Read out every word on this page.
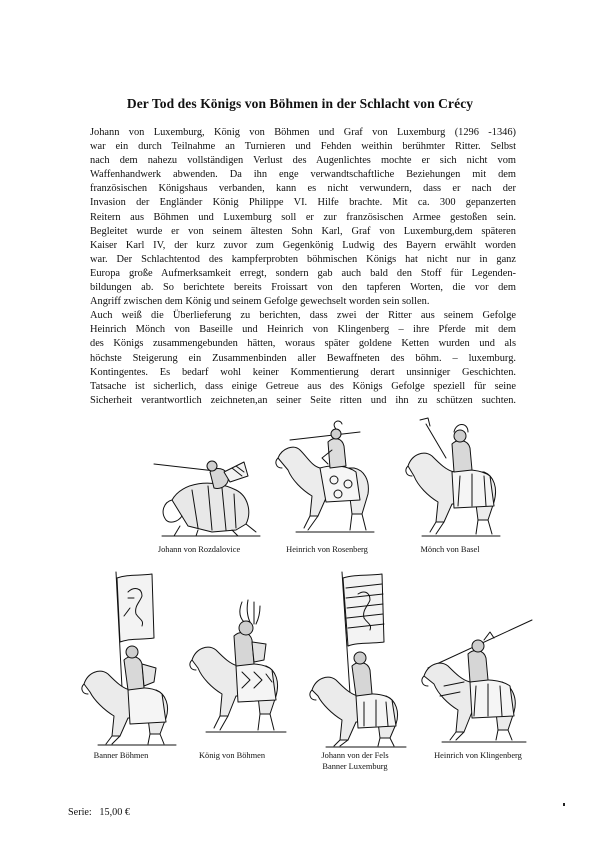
Der Tod des Königs von Böhmen in der Schlacht von Crécy

Johann von Luxemburg, König von Böhmen und Graf von Luxemburg (1296 -1346)

war ein durch Teilnahme an Turnieren und Fehden weithin berühmter Ritter. Selbst

nach dem nahezu vollständigen Verlust des Augenlichtes mochte er sich nicht vom

Waffenhandwerk abwenden. Da ihn enge verwandtschaftliche Beziehungen mit dem

französischen Königshaus verbanden, kann es nicht verwundern, dass er nach der

Invasion der Engländer König Philippe VI. Hilfe brachte. Mit ca. 300 gepanzerten

Reitern aus Böhmen und Luxemburg soll er zur französischen Armee gestoßen sein.

Begleitet wurde er von seinem ältesten Sohn Karl, Graf von Luxemburg,dem späteren

Kaiser Karl IV, der kurz zuvor zum Gegenkönig Ludwig des Bayern erwählt worden

war. Der Schlachtentod des kampferprobten böhmischen Königs hat nicht nur in ganz

Europa große Aufmerksamkeit erregt, sondern gab auch bald den Stoff für Legenden-

bildungen ab. So berichtete bereits Froissart von den tapferen Worten, die vor dem

Angriff zwischen dem König und seinem Gefolge gewechselt worden sein sollen.

Auch weiß die Überlieferung zu berichten, dass zwei der Ritter aus seinem Gefolge

Heinrich Mönch von Baseille und Heinrich von Klingenberg – ihre Pferde mit dem

des Königs zusammengebunden hätten, woraus später goldene Ketten wurden und als

höchste Steigerung ein Zusammenbinden aller Bewaffneten des böhm. – luxemburg.

Kontingentes. Es bedarf wohl keiner Kommentierung derart unsinniger Geschichten.

Tatsache ist sicherlich, dass einige Getreue aus des Königs Gefolge speziell für seine

Sicherheit verantwortlich zeichneten,an seiner Seite ritten und ihn zu schützen suchten.

Johann von Rozdalovice	Heinrich von Rosenberg	Mönch von Basel
Banner Böhmen	König von Böhmen	Johann von der Fels
Banner Luxemburg
Heinrich von Klingenberg
Serie: 15,00 €
